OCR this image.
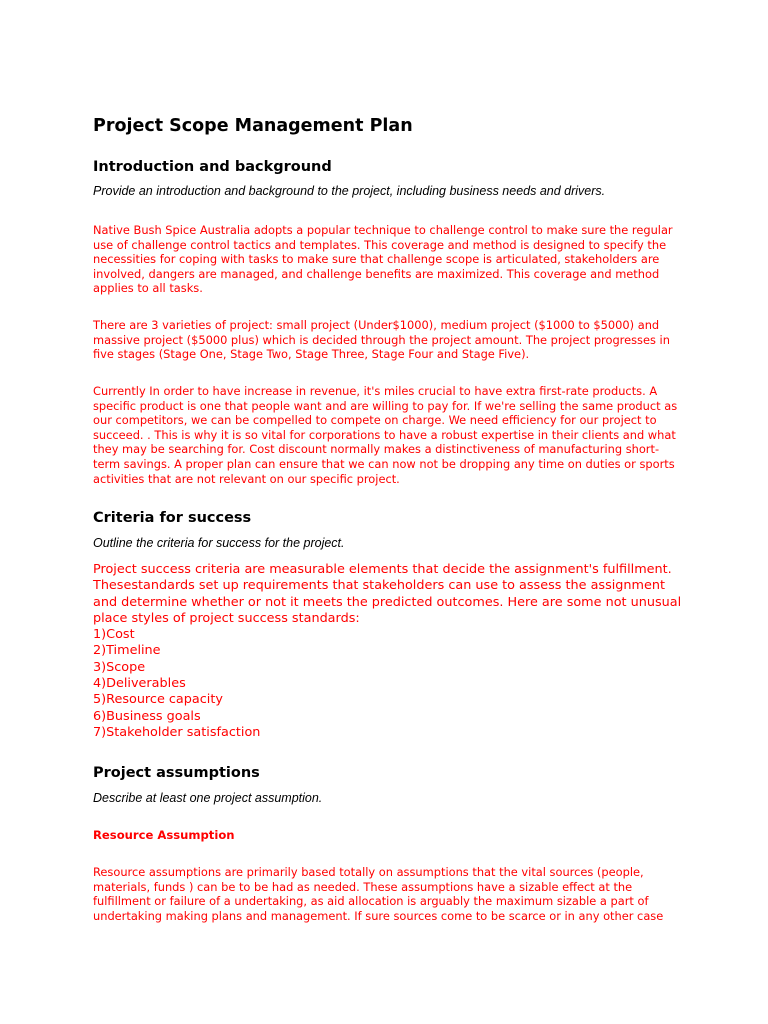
Project Scope Management Plan
Introduction and background
Provide an introduction and background to the project, including business needs and drivers.

Native Bush Spice Australia adopts a popular technique to challenge control to make sure the regular use of challenge control tactics and templates. This coverage and method is designed to specify the necessities for coping with tasks to make sure that challenge scope is articulated, stakeholders are involved, dangers are managed, and challenge benefits are maximized. This coverage and method applies to all tasks.

There are 3 varieties of project: small project (Under$1000), medium project ($1000 to $5000) and massive project ($5000 plus) which is decided through the project amount. The project progresses in five stages (Stage One, Stage Two, Stage Three, Stage Four and Stage Five).

Currently In order to have increase in revenue, it's miles crucial to have extra first-rate products. A specific product is one that people want and are willing to pay for. If we're selling the same product as our competitors, we can be compelled to compete on charge. We need efficiency for our project to succeed. . This is why it is so vital for corporations to have a robust expertise in their clients and what they may be searching for. Cost discount normally makes a distinctiveness of manufacturing short-term savings. A proper plan can ensure that we can now not be dropping any time on duties or sports activities that are not relevant on our specific project.

Criteria for success
Outline the criteria for success for the project.

Project success criteria are measurable elements that decide the assignment's fulfillment. Thesestandards set up requirements that stakeholders can use to assess the assignment and determine whether or not it meets the predicted outcomes. Here are some not unusual place styles of project success standards:

1)Cost
2)Timeline
3)Scope
4)Deliverables
5)Resource capacity
6)Business goals
7)Stakeholder satisfaction
Project assumptions
Describe at least one project assumption.
Resource Assumption

Resource assumptions are primarily based totally on assumptions that the vital sources (people, materials, funds ) can be to be had as needed. These assumptions have a sizable effect at the fulfillment or failure of a undertaking, as aid allocation is arguably the maximum sizable a part of undertaking making plans and management. If sure sources come to be scarce or in any other case
